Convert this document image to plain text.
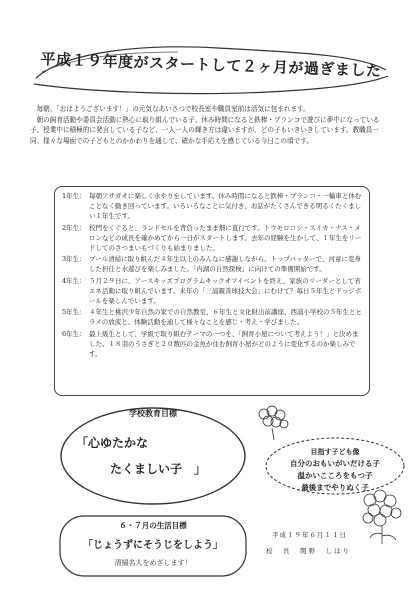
平成１９年度がスタートして２ヶ月が過ぎました

毎朝、「おはようございます！」の元気なあいさつで校長室や職員室前は活気に包まれます。

朝の飼育活動や委員会活動に熱心に取り組んでいる子、休み時間になると鉄棒・ブランコで遊びに夢中になっている子、授業中に積極的に発言している子など、一人一人の輝き方は違いますが、どの子もいきいきしています。教職員一同、様々な場面での子どもとのかかわりを通して、確かな手応えを感じている今日この頃です。

1年生： 毎朝アサガオに楽しく水やりをしています。休み時間になると鉄棒・ブランコ・一輪車と休むことなく動き回っています。いろいろなことに気付き、お話がたくさんできる明るくたくましい１年生です。
2年生： 校門をくぐると、ランドセルを背負ったまま畑に直行です。トウモロコシ・スイカ・ナス・メロンなどの成長を確かめてから一日がスタートします。去年の経験を生かして、１年生をリードしてのさつまいもづくりも始まりました。
3年生： プール清掃に取り組んだ４年生以上のみんなに感謝しながら、トップバッターで、河童に変身した担任と水遊びを楽しみました。「内湖の自然探検」に向けての準備開始です。
4年生： ５月２９日に、アースキッズプログラムキックオフイベントを終え、家族のリーダーとして省エネ活動に取り組んでいます。来年の「三浦親善球技大会」にむけて？毎日５年生とドッジボールを楽しんでいます。
5年生： ４年生と桃沢少年自然の家での自然教室、６年生と文化財出前講座、西浦小学校の５年生とヒラメの放流と、体験活動を通して様々なことを感じ・考え・学びました。
6年生： 最上級生として、学級で取り組むテーマの一つを、「飼育小屋について考えよう！」と決めました。１８羽のうさぎと２０数匹の金魚が住む飼育小屋がどのように変化するのか楽しみです。
学校教育目標
「心ゆたかな
たくましい子　」
目指す子ども像
自分のおもいがいだける子
温かいこころをもつ子
最後までやりぬく子
６・７月の生活目標
「じょうずにそうじをしよう」
清掃名人をめざします！
平成１９年６月１１日
校　長　関野　しほり
